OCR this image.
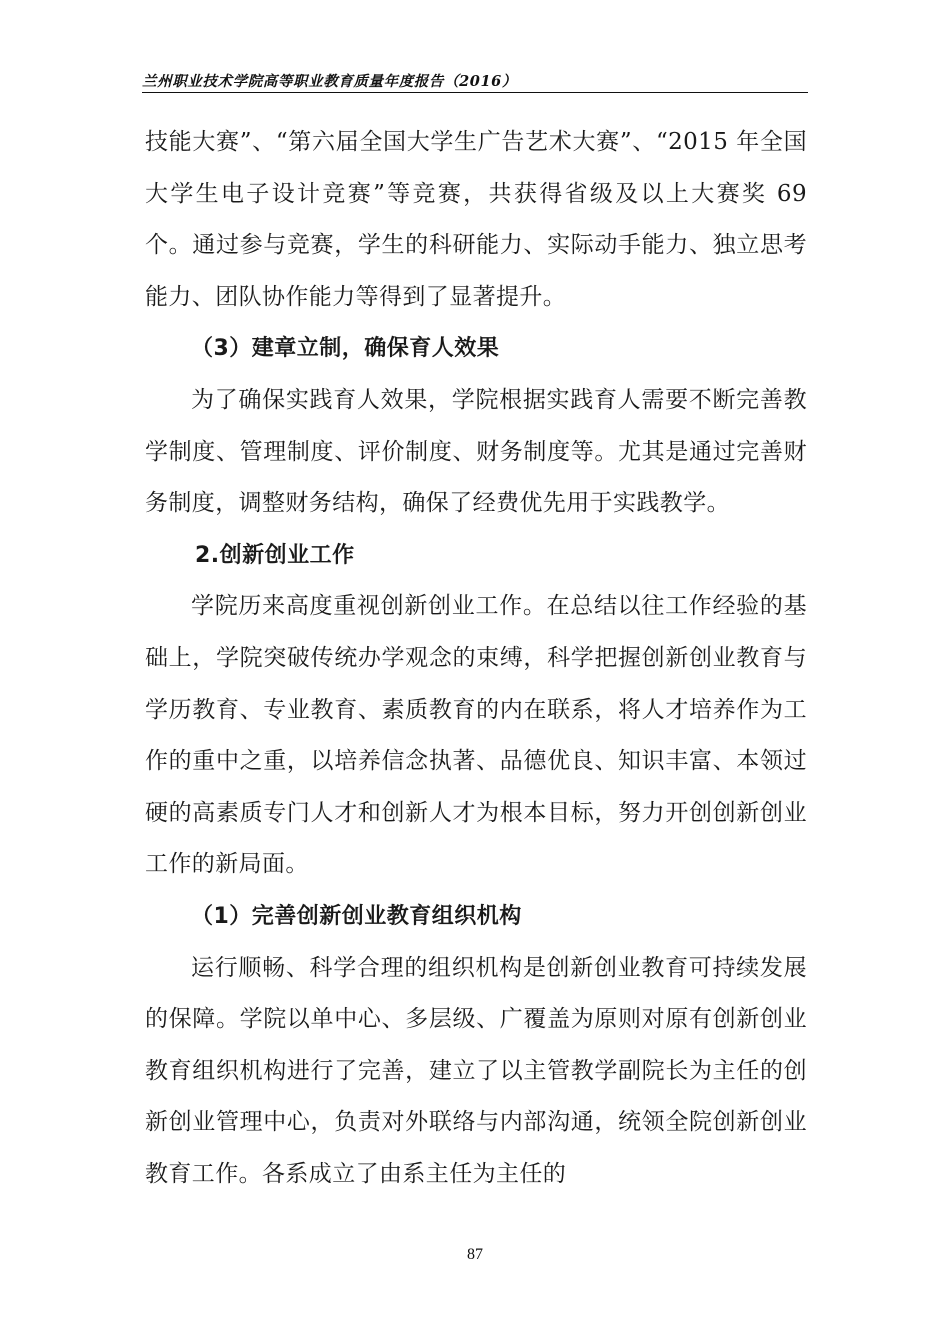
兰州职业技术学院高等职业教育质量年度报告（2016）

技能大赛”、“第六届全国大学生广告艺术大赛”、“2015 年全国大学生电子设计竞赛”等竞赛，共获得省级及以上大赛奖 69 个。通过参与竞赛，学生的科研能力、实际动手能力、独立思考能力、团队协作能力等得到了显著提升。

（3）建章立制，确保育人效果

为了确保实践育人效果，学院根据实践育人需要不断完善教学制度、管理制度、评价制度、财务制度等。尤其是通过完善财务制度，调整财务结构，确保了经费优先用于实践教学。

2.创新创业工作

学院历来高度重视创新创业工作。在总结以往工作经验的基础上，学院突破传统办学观念的束缚，科学把握创新创业教育与学历教育、专业教育、素质教育的内在联系，将人才培养作为工作的重中之重，以培养信念执著、品德优良、知识丰富、本领过硬的高素质专门人才和创新人才为根本目标，努力开创创新创业工作的新局面。

（1）完善创新创业教育组织机构

运行顺畅、科学合理的组织机构是创新创业教育可持续发展的保障。学院以单中心、多层级、广覆盖为原则对原有创新创业教育组织机构进行了完善，建立了以主管教学副院长为主任的创新创业管理中心，负责对外联络与内部沟通，统领全院创新创业教育工作。各系成立了由系主任为主任的

87
